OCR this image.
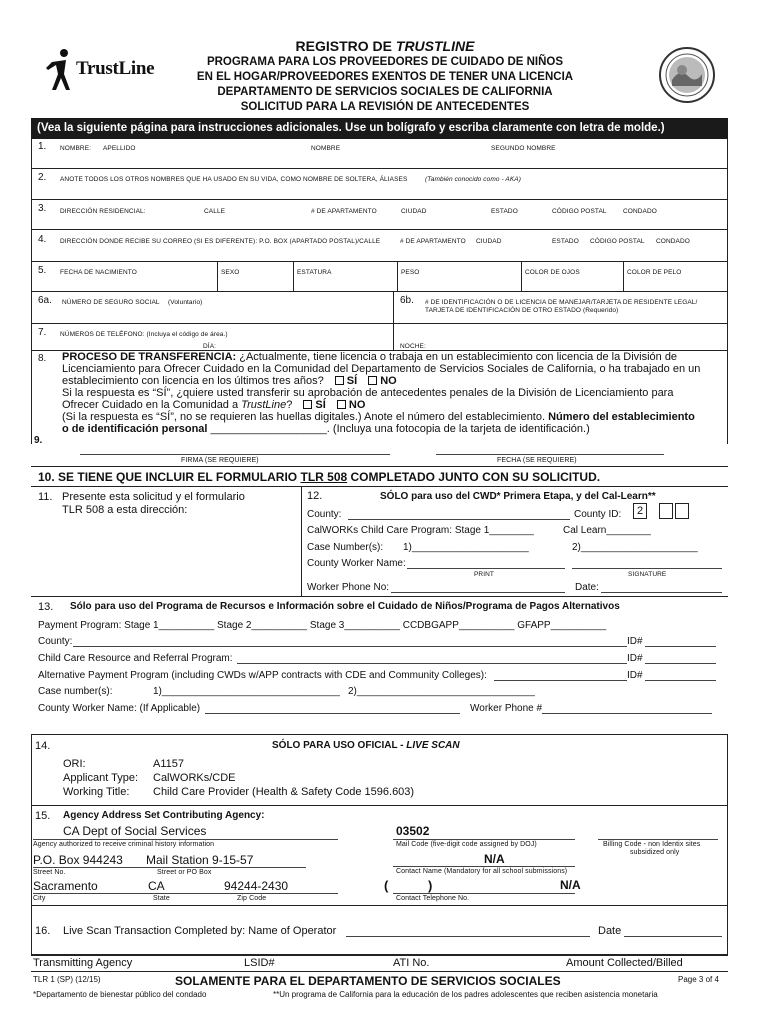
TrustLine
REGISTRO DE TRUSTLINE
PROGRAMA PARA LOS PROVEEDORES DE CUIDADO DE NIÑOS
EN EL HOGAR/PROVEEDORES EXENTOS DE TENER UNA LICENCIA
DEPARTAMENTO DE SERVICIOS SOCIALES DE CALIFORNIA
SOLICITUD PARA LA REVISIÓN DE ANTECEDENTES
(Vea la siguiente página para instrucciones adicionales. Use un bolígrafo y escriba claramente con letra de molde.)
1. NOMBRE: APELLIDO	NOMBRE	SEGUNDO NOMBRE
2. ANOTE TODOS LOS OTROS NOMBRES QUE HA USADO EN SU VIDA, COMO NOMBRE DE SOLTERA, ÁLIASES	(También conocido como - AKA)
3. DIRECCIÓN RESIDENCIAL:	CALLE	# DE APARTAMENTO	CIUDAD	ESTADO	CÓDIGO POSTAL	CONDADO
4. DIRECCIÓN DONDE RECIBE SU CORREO (SI ES DIFERENTE): P.O. BOX (APARTADO POSTAL)/CALLE	# DE APARTAMENTO CIUDAD	ESTADO CÓDIGO POSTAL CONDADO
5. FECHA DE NACIMIENTO	SEXO	ESTATURA	PESO	COLOR DE OJOS	COLOR DE PELO
6a. NÚMERO DE SEGURO SOCIAL (Voluntario)	6b. # DE IDENTIFICACIÓN O DE LICENCIA DE MANEJAR/TARJETA DE RESIDENTE LEGAL/
TARJETA DE IDENTIFICACIÓN DE OTRO ESTADO (Requerido)
7. NÚMEROS DE TELÉFONO: (Incluya el código de área.)
DÍA:	NOCHE:
8. PROCESO DE TRANSFERENCIA: ¿Actualmente, tiene licencia o trabaja en un establecimiento con licencia de la División de
Licenciamiento para Ofrecer Cuidado en la Comunidad del Departamento de Servicios Sociales de California, o ha trabajado en un
establecimiento con licencia en los últimos tres años? SÍ NO
Si la respuesta es “SÍ”, ¿quiere usted transferir su aprobación de antecedentes penales de la División de Licenciamiento para
Ofrecer Cuidado en la Comunidad a TrustLine? SÍ NO
(Si la respuesta es “SÍ”, no se requieren las huellas digitales.) Anote el número del establecimiento. Número del establecimiento
o de identificación personal ___________________. (Incluya una fotocopia de la tarjeta de identificación.)
9.
FIRMA (SE REQUIERE)	FECHA (SE REQUIERE)
10. SE TIENE QUE INCLUIR EL FORMULARIO TLR 508 COMPLETADO JUNTO CON SU SOLICITUD.
11. Presente esta solicitud y el formulario
TLR 508 a esta dirección:
12.	SÓLO para uso del CWD* Primera Etapa, y del Cal-Learn**
County:	County ID: 2
CalWORKs Child Care Program: Stage 1________	Cal Learn________
Case Number(s): 1)_____________________	2)_____________________
County Worker Name:
PRINT	SIGNATURE
Worker Phone No:	Date:
13. Sólo para uso del Programa de Recursos e Información sobre el Cuidado de Niños/Programa de Pagos Alternativos
Payment Program: Stage 1__________ Stage 2__________ Stage 3__________ CCDBGAPP__________ GFAPP__________
County:	ID#
Child Care Resource and Referral Program:	ID#
Alternative Payment Program (including CWDs w/APP contracts with CDE and Community Colleges):	ID#
Case number(s):	1)________________________________ 2)________________________________
County Worker Name: (If Applicable)	Worker Phone #
14.	SÓLO PARA USO OFICIAL - LIVE SCAN
ORI:	A1157
Applicant Type: CalWORKs/CDE
Working Title: Child Care Provider (Health & Safety Code 1596.603)
15. Agency Address Set Contributing Agency:
CA Dept of Social Services
Agency authorized to receive criminal history information
03502
Mail Code (five-digit code assigned by DOJ)	Billing Code - non Identix sites
subsidized only
P.O. Box 944243 Mail Station 9-15-57
Street No.	Street or PO Box
N/A
Contact Name (Mandatory for all school submissions)
Sacramento	CA	94244-2430
City	State	Zip Code
(	)	N/A
Contact Telephone No.
16. Live Scan Transaction Completed by: Name of Operator	Date
Transmitting Agency	LSID#	ATI No.	Amount Collected/Billed
TLR 1 (SP) (12/15)	SOLAMENTE PARA EL DEPARTAMENTO DE SERVICIOS SOCIALES	Page 3 of 4
*Departamento de bienestar público del condado	**Un programa de California para la educación de los padres adolescentes que reciben asistencia monetaria
